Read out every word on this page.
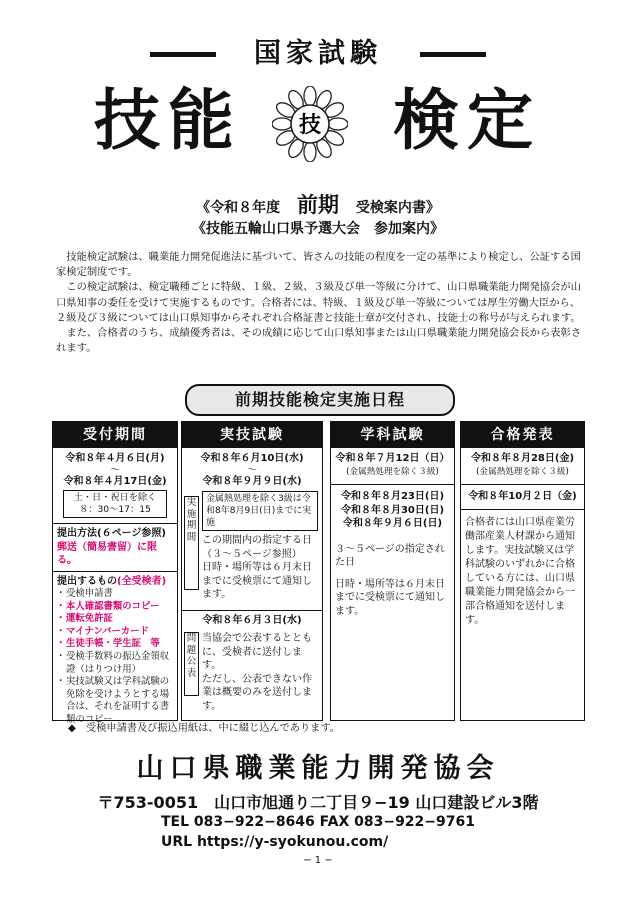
国家試験
技能	技 検定
《令和８年度 前期 受検案内書》
《技能五輪山口県予選大会　参加案内》

技能検定試験は、職業能力開発促進法に基づいて、皆さんの技能の程度を一定の基準により検定し、公証する国家検定制度です。

この検定試験は、検定職種ごとに特級、１級、２級、３級及び単一等級に分けて、山口県職業能力開発協会が山口県知事の委任を受けて実施するものです。合格者には、特級、１級及び単一等級については厚生労働大臣から、２級及び３級については山口県知事からそれぞれ合格証書と技能士章が交付され、技能士の称号が与えられます。

また、合格者のうち、成績優秀者は、その成績に応じて山口県知事または山口県職業能力開発協会長から表彰されます。

前期技能検定実施日程
受付期間
令和８年４月６日(月)
〜
令和８年４月17日(金)
土・日・祝日を除く
８：30〜17：15
提出方法(６ページ参照)
郵送（簡易書留）に限る。
提出するもの(全受検者)
・ 受検申請書
・ 本人確認書類のコピー
・ 運転免許証
・ マイナンバーカード
・ 生徒手帳・学生証　等
・ 受検手数料の振込金領収證（はりつけ用）
・ 実技試験又は学科試験の免除を受けようとする場合は、それを証明する書類のコピー
実技試験
令和８年６月10日(水)
〜
令和８年９月９日(水)
実施期間
金属熱処理を除く3級は令和8年8月9日(日)までに実施
この期間内の指定する日（３〜５ページ参照）
日時・場所等は６月末日までに受検票にて通知します。
令和８年６月３日(水)
問題公表
当協会で公表するとともに、受検者に送付します。
ただし、公表できない作業は概要のみを送付します。
学科試験
令和８年７月12日（日）
(金属熱処理を除く３級)
令和８年８月23日(日)
令和８年８月30日(日)
令和８年９月６日(日)
３〜５ページの指定された日
日時・場所等は６月末日までに受検票にて通知します。
合格発表
令和８年８月28日(金)
(金属熱処理を除く３級)
令和８年10月２日（金)
合格者には山口県産業労働部産業人材課から通知します。実技試験又は学科試験のいずれかに合格している方には、山口県職業能力開発協会から一部合格通知を送付します。
◆　受検申請書及び振込用紙は、中に綴じ込んであります。
山口県職業能力開発協会
〒753-0051　山口市旭通り二丁目９−19 山口建設ビル3階
TEL 083−922−8646 FAX 083−922−9761
URL https://y-syokunou.com/
− 1 −
